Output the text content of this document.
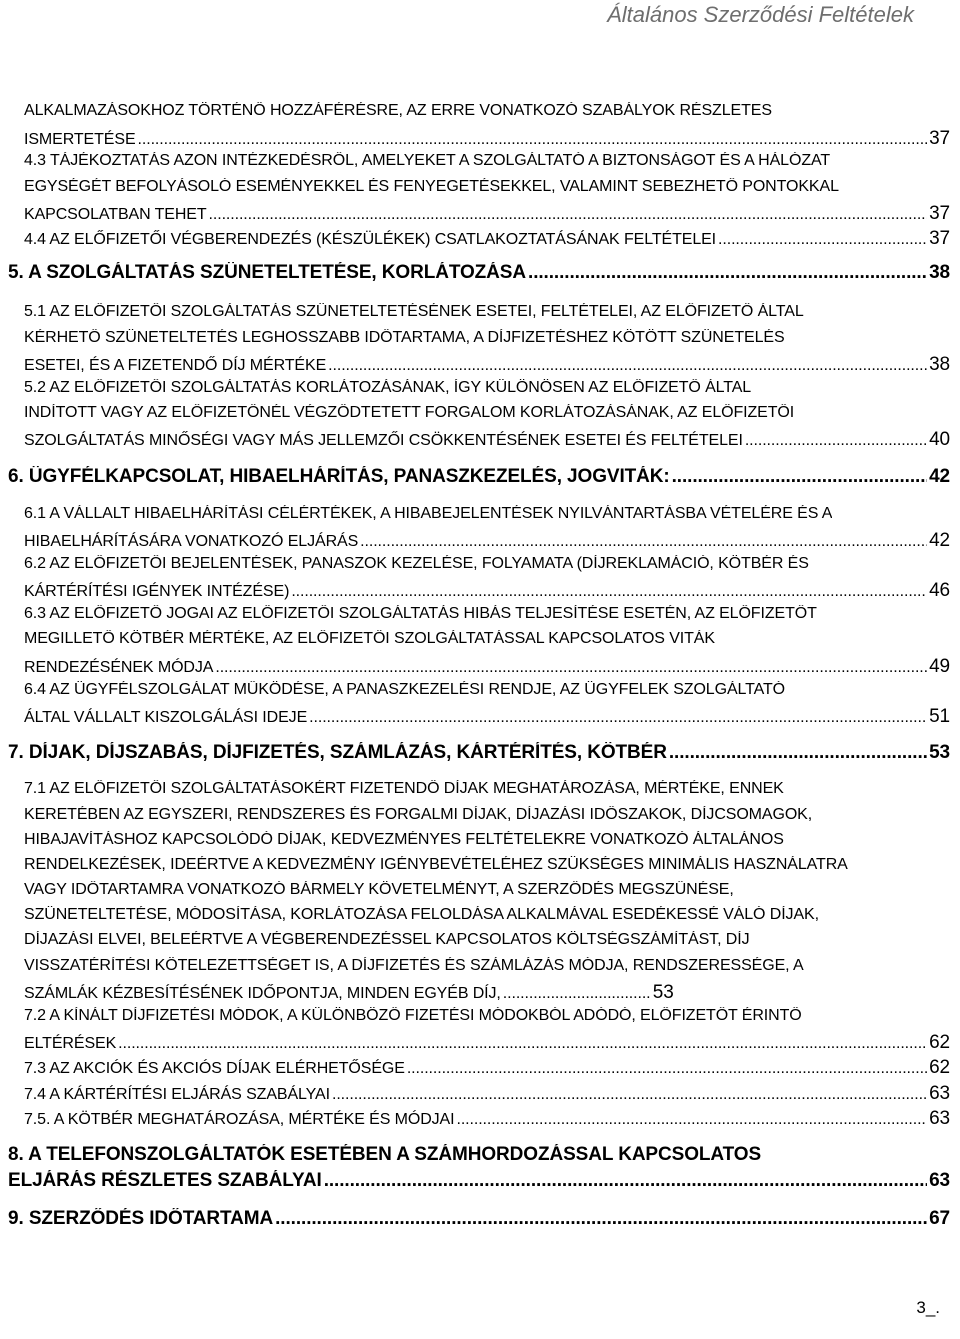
Általános Szerződési Feltételek
ALKALMAZÁSOKHOZ TÖRTÉNŐ HOZZÁFÉRÉSRE, AZ ERRE VONATKOZÓ SZABÁLYOK RÉSZLETES
ISMERTETÉSE .....	37
4.3 TÁJÉKOZTATÁS AZON INTÉZKEDÉSRŐL, AMELYEKET A SZOLGÁLTATÓ A BIZTONSÁGOT ÉS A HÁLÓZAT
EGYSÉGÉT BEFOLYÁSOLÓ ESEMÉNYEKKEL ÉS FENYEGETÉSEKKEL, VALAMINT SEBEZHETŐ PONTOKKAL
KAPCSOLATBAN TEHET .....	37
4.4 AZ ELŐFIZETŐI VÉGBERENDEZÉS (KÉSZÜLÉKEK) CSATLAKOZTATÁSÁNAK FELTÉTELEI .....	37
5. A SZOLGÁLTATÁS SZÜNETELTETÉSE, KORLÁTOZÁSA .....	38
5.1 AZ ELŐFIZETŐI SZOLGÁLTATÁS SZÜNETELTETÉSÉNEK ESETEI, FELTÉTELEI, AZ ELŐFIZETŐ ÁLTAL
KÉRHETŐ SZÜNETELTETÉS LEGHOSSZABB IDŐTARTAMA, A DÍJFIZETÉSHEZ KÖTÖTT SZÜNETELÉS
ESETEI, ÉS A FIZETENDŐ DÍJ MÉRTÉKE .....	38
5.2 AZ ELŐFIZETŐI SZOLGÁLTATÁS KORLÁTOZÁSÁNAK, ÍGY KÜLÖNÖSEN AZ ELŐFIZETŐ ÁLTAL
INDÍTOTT VAGY AZ ELŐFIZETŐNÉL VÉGZŐDTETETT FORGALOM KORLÁTOZÁSÁNAK, AZ ELŐFIZETŐI
SZOLGÁLTATÁS MINŐSÉGI VAGY MÁS JELLEMZŐI CSÖKKENTÉSÉNEK ESETEI ÉS FELTÉTELEI .....	40
6. ÜGYFÉLKAPCSOLAT, HIBAELHÁRÍTÁS, PANASZKEZELÉS, JOGVITÁK: .....	42
6.1 A VÁLLALT HIBAELHÁRÍTÁSI CÉLÉRTÉKEK, A HIBABEJELENTÉSEK NYILVÁNTARTÁSBA VÉTELÉRE ÉS A
HIBAELHÁRÍTÁSÁRA VONATKOZÓ ELJÁRÁS .....	42
6.2 AZ ELŐFIZETŐI BEJELENTÉSEK, PANASZOK KEZELÉSE, FOLYAMATA (DÍJREKLAMÁCIÓ, KÖTBÉR ÉS
KÁRTÉRÍTÉSI IGÉNYEK INTÉZÉSE) .....	46
6.3 AZ ELŐFIZETŐ JOGAI AZ ELŐFIZETŐI SZOLGÁLTATÁS HIBÁS TELJESÍTÉSE ESETÉN, AZ ELŐFIZETŐT
MEGILLETŐ KÖTBÉR MÉRTÉKE, AZ ELŐFIZETŐI SZOLGÁLTATÁSSAL KAPCSOLATOS VITÁK
RENDEZÉSÉNEK MÓDJA .....	49
6.4 AZ ÜGYFÉLSZOLGÁLAT MŰKÖDÉSE, A PANASZKEZELÉSI RENDJE, AZ ÜGYFELEK SZOLGÁLTATÓ
ÁLTAL VÁLLALT KISZOLGÁLÁSI IDEJE .....	51
7. DÍJAK, DÍJSZABÁS, DÍJFIZETÉS, SZÁMLÁZÁS, KÁRTÉRÍTÉS, KÖTBÉR .....	53
7.1 AZ ELŐFIZETŐI SZOLGÁLTATÁSOKÉRT FIZETENDŐ DÍJAK MEGHATÁROZÁSA, MÉRTÉKE, ENNEK
KERETÉBEN AZ EGYSZERI, RENDSZERES ÉS FORGALMI DÍJAK, DÍJAZÁSI IDŐSZAKOK, DÍJCSOMAGOK,
HIBAJAVÍTÁSHOZ KAPCSOLÓDÓ DÍJAK, KEDVEZMÉNYES FELTÉTELEKRE VONATKOZÓ ÁLTALÁNOS
RENDELKEZÉSEK, IDEÉRTVE A KEDVEZMÉNY IGÉNYBEVÉTELÉHEZ SZÜKSÉGES MINIMÁLIS HASZNÁLATRA
VAGY IDŐTARTAMRA VONATKOZÓ BÁRMELY KÖVETELMÉNYT, A SZERZŐDÉS MEGSZŰNÉSE,
SZÜNETELTETÉSE, MÓDOSÍTÁSA, KORLÁTOZÁSA FELOLDÁSA ALKALMÁVAL ESEDÉKESSÉ VÁLÓ DÍJAK,
DÍJAZÁSI ELVEI, BELEÉRTVE A VÉGBERENDEZÉSSEL KAPCSOLATOS KÖLTSÉGSZÁMÍTÁST, DÍJ
VISSZATÉRÍTÉSI KÖTELEZETTSÉGET IS, A DÍJFIZETÉS ÉS SZÁMLÁZÁS MÓDJA, RENDSZERESSÉGE, A
SZÁMLÁK KÉZBESÍTÉSÉNEK IDŐPONTJA, MINDEN EGYÉB DÍJ, .....	53
7.2 A KÍNÁLT DÍJFIZETÉSI MÓDOK, A KÜLÖNBÖZŐ FIZETÉSI MÓDOKBÓL ADÓDÓ, ELŐFIZETŐT ÉRINTŐ
ELTÉRÉSEK .....	62
7.3 AZ AKCIÓK ÉS AKCIÓS DÍJAK ELÉRHETŐSÉGE .....	62
7.4 A KÁRTÉRÍTÉSI ELJÁRÁS SZABÁLYAI .....	63
7.5. A KÖTBÉR MEGHATÁROZÁSA, MÉRTÉKE ÉS MÓDJAI .....	63
8. A TELEFONSZOLGÁLTATÓK ESETÉBEN A SZÁMHORDOZÁSSAL KAPCSOLATOS
ELJÁRÁS RÉSZLETES SZABÁLYAI .....	63
9. SZERZŐDÉS IDŐTARTAMA .....	67
3_.
